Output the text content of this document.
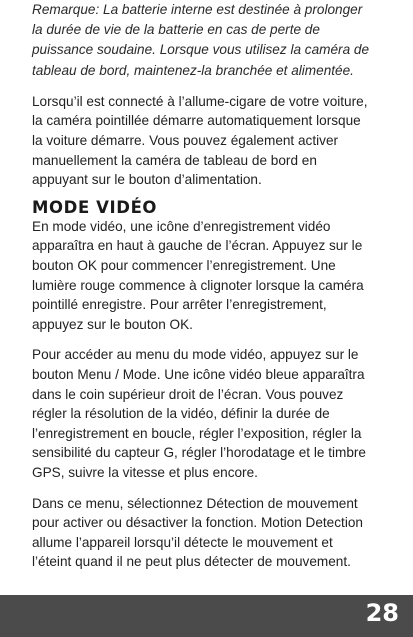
Remarque: La batterie interne est destinée à prolonger la durée de vie de la batterie en cas de perte de puissance soudaine. Lorsque vous utilisez la caméra de tableau de bord, maintenez-la branchée et alimentée.

Lorsqu’il est connecté à l’allume-cigare de votre voiture, la caméra pointillée démarre automatiquement lorsque la voiture démarre. Vous pouvez également activer manuellement la caméra de tableau de bord en appuyant sur le bouton d’alimentation.

MODE VIDÉO

En mode vidéo, une icône d’enregistrement vidéo apparaîtra en haut à gauche de l’écran. Appuyez sur le bouton OK pour commencer l’enregistrement. Une lumière rouge commence à clignoter lorsque la caméra pointillé enregistre. Pour arrêter l’enregistrement, appuyez sur le bouton OK.

Pour accéder au menu du mode vidéo, appuyez sur le bouton Menu / Mode. Une icône vidéo bleue apparaîtra dans le coin supérieur droit de l’écran. Vous pouvez régler la résolution de la vidéo, définir la durée de l’enregistrement en boucle, régler l’exposition, régler la sensibilité du capteur G, régler l’horodatage et le timbre GPS, suivre la vitesse et plus encore.

Dans ce menu, sélectionnez Détection de mouvement pour activer ou désactiver la fonction. Motion Detection allume l’appareil lorsqu’il détecte le mouvement et l’éteint quand il ne peut plus détecter de mouvement.

28
